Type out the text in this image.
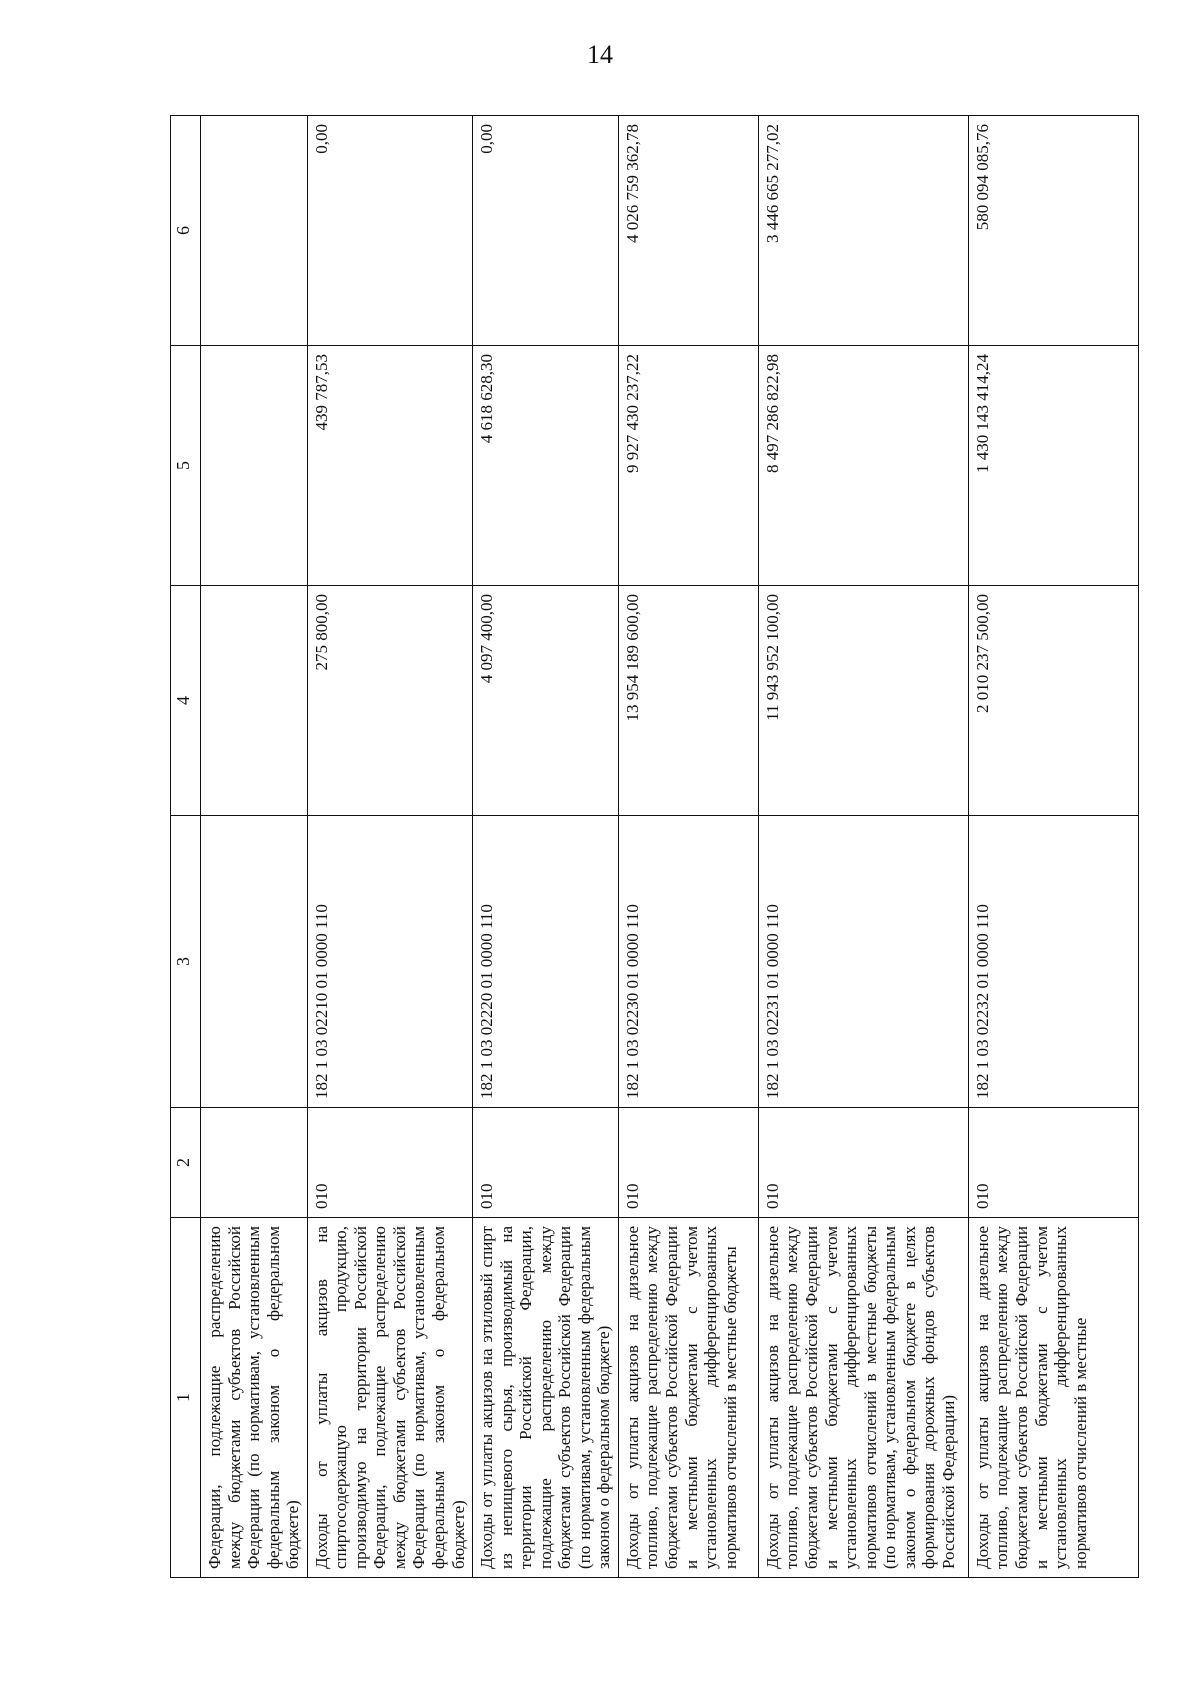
14
1	2	3	4	5	6
Федерации, подлежащие распределению между бюджетами субъектов Российской Федерации (по нормативам, установленным федеральным законом о федеральном бюджете)					
Доходы от уплаты акцизов на спиртосодержащую продукцию, производимую на территории Российской Федерации, подлежащие распределению между бюджетами субъектов Российской Федерации (по нормативам, установленным федеральным законом о федеральном бюджете)	010	182 1 03 02210 01 0000 110	275 800,00	439 787,53	0,00
Доходы от уплаты акцизов на этиловый спирт из непищевого сырья, производимый на территории Российской Федерации, подлежащие распределению между бюджетами субъектов Российской Федерации (по нормативам, установленным федеральным законом о федеральном бюджете)	010	182 1 03 02220 01 0000 110	4 097 400,00	4 618 628,30	0,00
Доходы от уплаты акцизов на дизельное топливо, подлежащие распределению между бюджетами субъектов Российской Федерации и местными бюджетами с учетом установленных дифференцированных нормативов отчислений в местные бюджеты	010	182 1 03 02230 01 0000 110	13 954 189 600,00	9 927 430 237,22	4 026 759 362,78
Доходы от уплаты акцизов на дизельное топливо, подлежащие распределению между бюджетами субъектов Российской Федерации и местными бюджетами с учетом установленных дифференцированных нормативов отчислений в местные бюджеты (по нормативам, установленным федеральным законом о федеральном бюджете в целях формирования дорожных фондов субъектов Российской Федерации)	010	182 1 03 02231 01 0000 110	11 943 952 100,00	8 497 286 822,98	3 446 665 277,02
Доходы от уплаты акцизов на дизельное топливо, подлежащие распределению между бюджетами субъектов Российской Федерации и местными бюджетами с учетом установленных дифференцированных нормативов отчислений в местные	010	182 1 03 02232 01 0000 110	2 010 237 500,00	1 430 143 414,24	580 094 085,76
